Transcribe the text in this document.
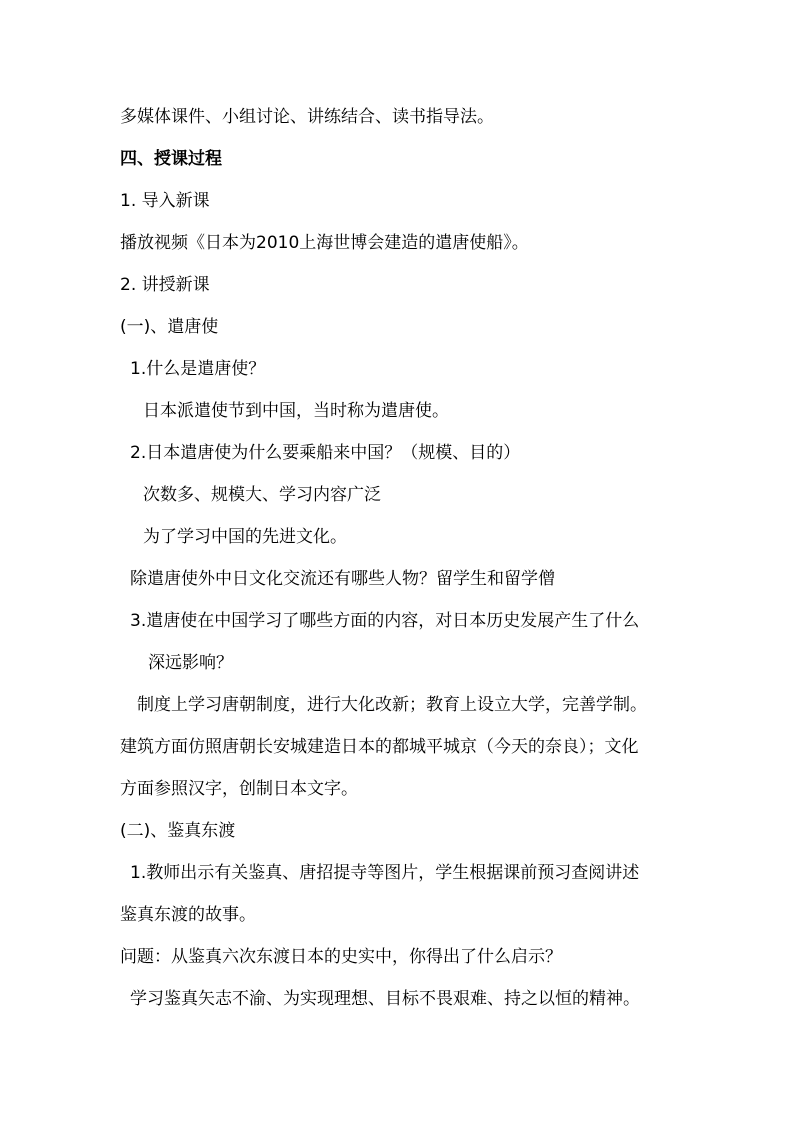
多媒体课件、小组讨论、讲练结合、读书指导法。
四、授课过程
1. 导入新课
播放视频《日本为2010上海世博会建造的遣唐使船》。
2. 讲授新课
(一)、遣唐使
1.什么是遣唐使？
日本派遣使节到中国，当时称为遣唐使。
2.日本遣唐使为什么要乘船来中国？（规模、目的）
次数多、规模大、学习内容广泛
为了学习中国的先进文化。
除遣唐使外中日文化交流还有哪些人物？留学生和留学僧
3.遣唐使在中国学习了哪些方面的内容，对日本历史发展产生了什么
深远影响？
制度上学习唐朝制度，进行大化改新；教育上设立大学，完善学制。
建筑方面仿照唐朝长安城建造日本的都城平城京（今天的奈良）；文化
方面参照汉字，创制日本文字。
(二)、鉴真东渡
1.教师出示有关鉴真、唐招提寺等图片，学生根据课前预习查阅讲述
鉴真东渡的故事。
问题：从鉴真六次东渡日本的史实中，你得出了什么启示？
学习鉴真矢志不渝、为实现理想、目标不畏艰难、持之以恒的精神。
